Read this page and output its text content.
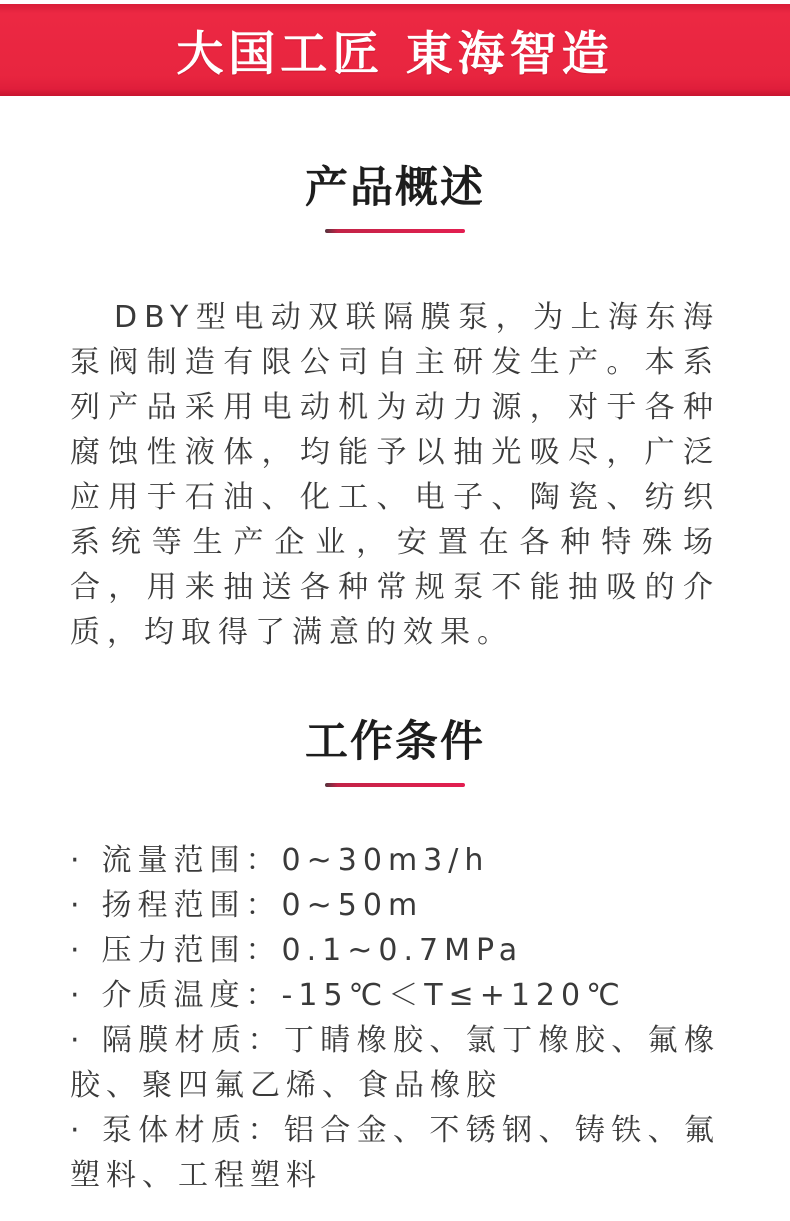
大国工匠 東海智造
产品概述

DBY型电动双联隔膜泵，为上海东海泵阀制造有限公司自主研发生产。本系列产品采用电动机为动力源，对于各种腐蚀性液体，均能予以抽光吸尽，广泛应用于石油、化工、电子、陶瓷、纺织系统等生产企业，安置在各种特殊场合，用来抽送各种常规泵不能抽吸的介质，均取得了满意的效果。

工作条件
· 流量范围：0~30m3/h
· 扬程范围：0~50m
· 压力范围：0.1~0.7MPa
· 介质温度：-15℃＜T≤+120℃
· 隔膜材质：丁睛橡胶、氯丁橡胶、氟橡胶、聚四氟乙烯、食品橡胶
· 泵体材质：铝合金、不锈钢、铸铁、氟塑料、工程塑料
